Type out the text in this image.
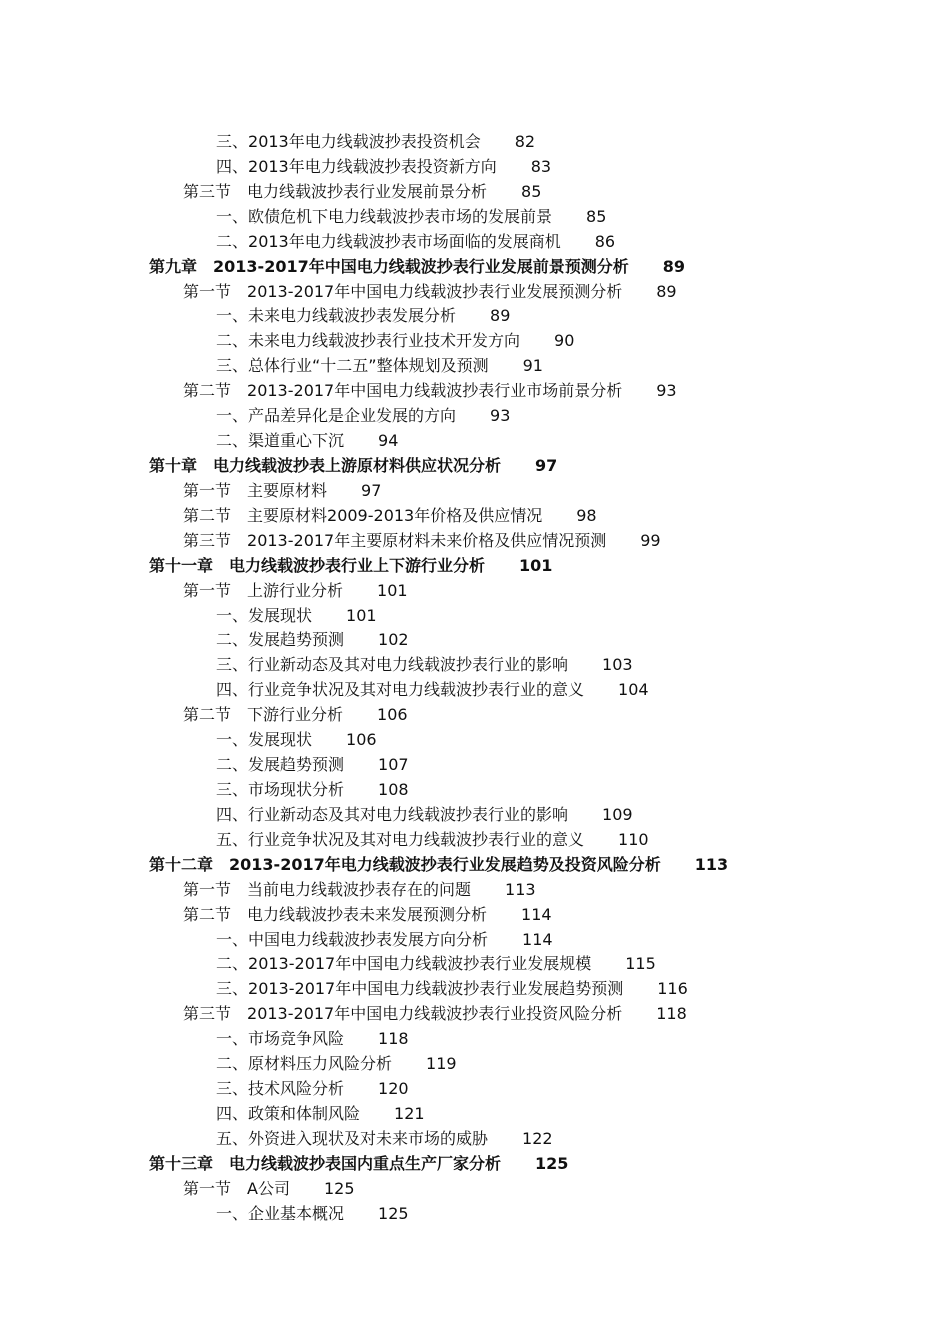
三、 2013年电力线载波抄表投资机会 82
四、 2013年电力线载波抄表投资新方向 83
第三节 电力线载波抄表行业发展前景分析 85
一、 欧债危机下电力线载波抄表市场的发展前景 85
二、 2013年电力线载波抄表市场面临的发展商机 86
第九章 2013-2017年中国电力线载波抄表行业发展前景预测分析 89
第一节 2013-2017年中国电力线载波抄表行业发展预测分析 89
一、 未来电力线载波抄表发展分析 89
二、 未来电力线载波抄表行业技术开发方向 90
三、 总体行业“十二五”整体规划及预测 91
第二节 2013-2017年中国电力线载波抄表行业市场前景分析 93
一、 产品差异化是企业发展的方向 93
二、 渠道重心下沉 94
第十章 电力线载波抄表上游原材料供应状况分析 97
第一节 主要原材料 97
第二节 主要原材料2009-2013年价格及供应情况 98
第三节 2013-2017年主要原材料未来价格及供应情况预测 99
第十一章 电力线载波抄表行业上下游行业分析 101
第一节 上游行业分析 101
一、 发展现状 101
二、 发展趋势预测 102
三、 行业新动态及其对电力线载波抄表行业的影响 103
四、 行业竞争状况及其对电力线载波抄表行业的意义 104
第二节 下游行业分析 106
一、 发展现状 106
二、 发展趋势预测 107
三、 市场现状分析 108
四、 行业新动态及其对电力线载波抄表行业的影响 109
五、 行业竞争状况及其对电力线载波抄表行业的意义 110
第十二章 2013-2017年电力线载波抄表行业发展趋势及投资风险分析 113
第一节 当前电力线载波抄表存在的问题 113
第二节 电力线载波抄表未来发展预测分析 114
一、 中国电力线载波抄表发展方向分析 114
二、 2013-2017年中国电力线载波抄表行业发展规模 115
三、 2013-2017年中国电力线载波抄表行业发展趋势预测 116
第三节 2013-2017年中国电力线载波抄表行业投资风险分析 118
一、 市场竞争风险 118
二、 原材料压力风险分析 119
三、 技术风险分析 120
四、 政策和体制风险 121
五、 外资进入现状及对未来市场的威胁 122
第十三章 电力线载波抄表国内重点生产厂家分析 125
第一节 A公司 125
一、 企业基本概况 125
